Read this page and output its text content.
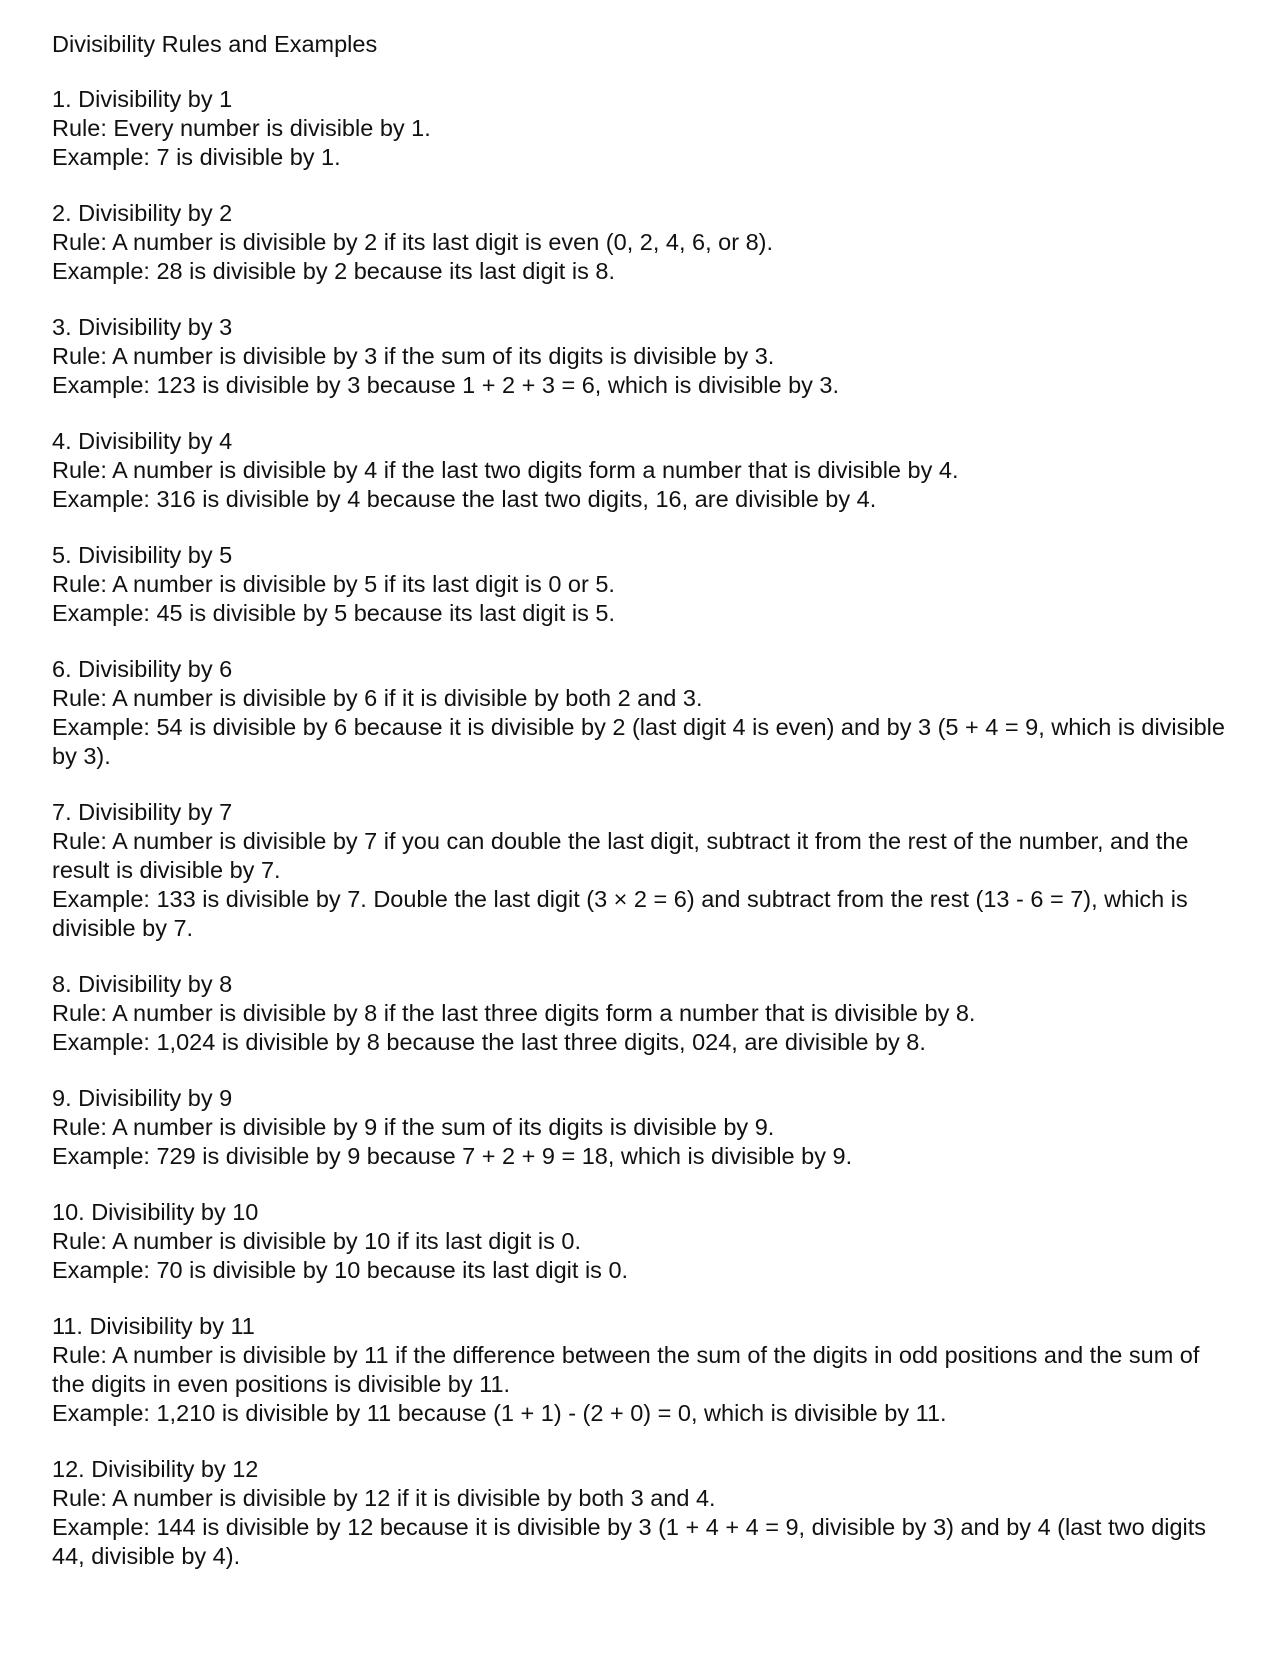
Divisibility Rules and Examples

1. Divisibility by 1

Rule: Every number is divisible by 1.

Example: 7 is divisible by 1.

2. Divisibility by 2

Rule: A number is divisible by 2 if its last digit is even (0, 2, 4, 6, or 8).

Example: 28 is divisible by 2 because its last digit is 8.

3. Divisibility by 3

Rule: A number is divisible by 3 if the sum of its digits is divisible by 3.

Example: 123 is divisible by 3 because 1 + 2 + 3 = 6, which is divisible by 3.

4. Divisibility by 4

Rule: A number is divisible by 4 if the last two digits form a number that is divisible by 4.

Example: 316 is divisible by 4 because the last two digits, 16, are divisible by 4.

5. Divisibility by 5

Rule: A number is divisible by 5 if its last digit is 0 or 5.

Example: 45 is divisible by 5 because its last digit is 5.

6. Divisibility by 6

Rule: A number is divisible by 6 if it is divisible by both 2 and 3.

Example: 54 is divisible by 6 because it is divisible by 2 (last digit 4 is even) and by 3 (5 + 4 = 9, which is divisible by 3).

7. Divisibility by 7

Rule: A number is divisible by 7 if you can double the last digit, subtract it from the rest of the number, and the result is divisible by 7.

Example: 133 is divisible by 7. Double the last digit (3 × 2 = 6) and subtract from the rest (13 - 6 = 7), which is divisible by 7.

8. Divisibility by 8

Rule: A number is divisible by 8 if the last three digits form a number that is divisible by 8.

Example: 1,024 is divisible by 8 because the last three digits, 024, are divisible by 8.

9. Divisibility by 9

Rule: A number is divisible by 9 if the sum of its digits is divisible by 9.

Example: 729 is divisible by 9 because 7 + 2 + 9 = 18, which is divisible by 9.

10. Divisibility by 10

Rule: A number is divisible by 10 if its last digit is 0.

Example: 70 is divisible by 10 because its last digit is 0.

11. Divisibility by 11

Rule: A number is divisible by 11 if the difference between the sum of the digits in odd positions and the sum of the digits in even positions is divisible by 11.

Example: 1,210 is divisible by 11 because (1 + 1) - (2 + 0) = 0, which is divisible by 11.

12. Divisibility by 12

Rule: A number is divisible by 12 if it is divisible by both 3 and 4.

Example: 144 is divisible by 12 because it is divisible by 3 (1 + 4 + 4 = 9, divisible by 3) and by 4 (last two digits 44, divisible by 4).
